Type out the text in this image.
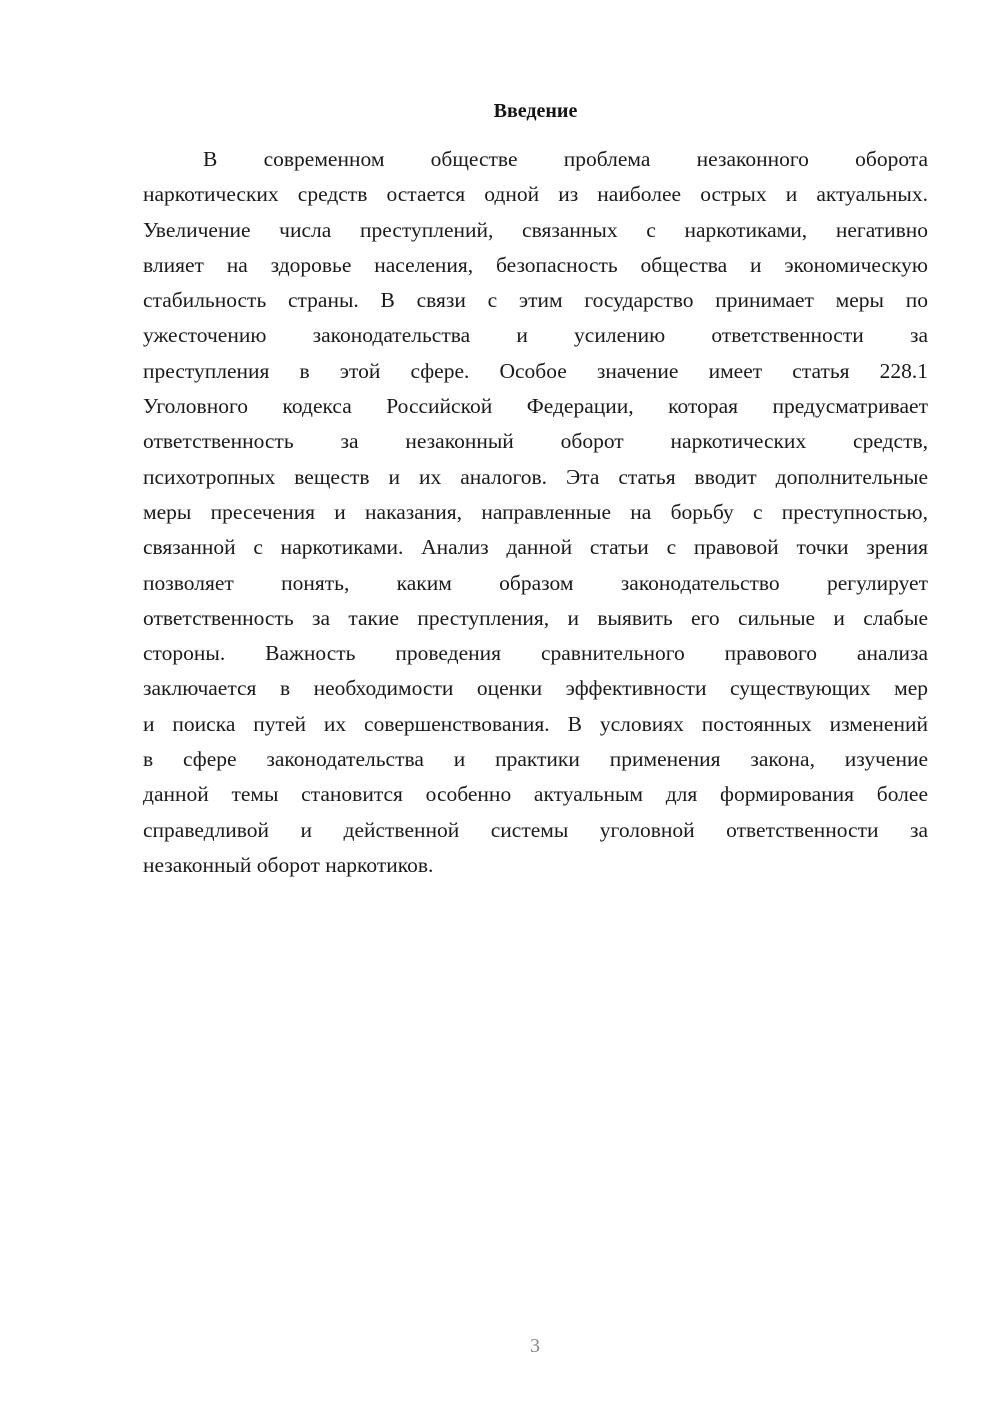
Введение

В современном обществе проблема незаконного оборота
наркотических средств остается одной из наиболее острых и актуальных.
Увеличение числа преступлений, связанных с наркотиками, негативно
влияет на здоровье населения, безопасность общества и экономическую
стабильность страны. В связи с этим государство принимает меры по
ужесточению законодательства и усилению ответственности за
преступления в этой сфере. Особое значение имеет статья 228.1
Уголовного кодекса Российской Федерации, которая предусматривает
ответственность за незаконный оборот наркотических средств,
психотропных веществ и их аналогов. Эта статья вводит дополнительные
меры пресечения и наказания, направленные на борьбу с преступностью,
связанной с наркотиками. Анализ данной статьи с правовой точки зрения
позволяет понять, каким образом законодательство регулирует
ответственность за такие преступления, и выявить его сильные и слабые
стороны. Важность проведения сравнительного правового анализа
заключается в необходимости оценки эффективности существующих мер
и поиска путей их совершенствования. В условиях постоянных изменений
в сфере законодательства и практики применения закона, изучение
данной темы становится особенно актуальным для формирования более
справедливой и действенной системы уголовной ответственности за
незаконный оборот наркотиков.

3
